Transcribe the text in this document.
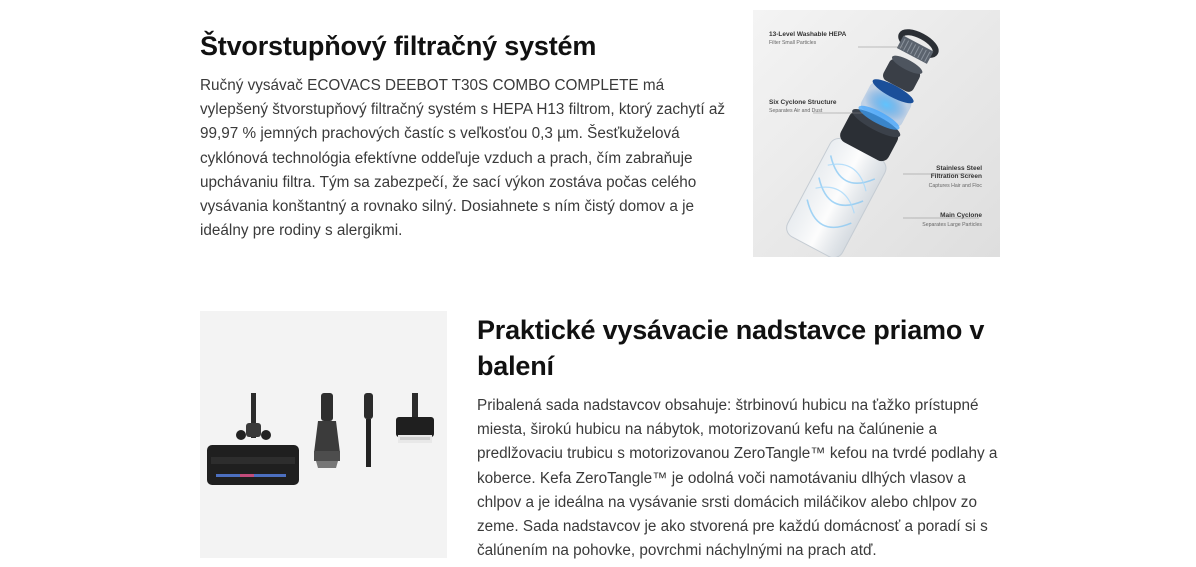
Štvorstupňový filtračný systém

Ručný vysávač ECOVACS DEEBOT T30S COMBO COMPLETE má vylepšený štvorstupňový filtračný systém s HEPA H13 filtrom, ktorý zachytí až 99,97 % jemných prachových častíc s veľkosťou 0,3 µm. Šesťkuželová cyklónová technológia efektívne oddeľuje vzduch a prach, čím zabraňuje upchávaniu filtra. Tým sa zabezpečí, že sací výkon zostáva počas celého vysávania konštantný a rovnako silný. Dosiahnete s ním čistý domov a je ideálny pre rodiny s alergikmi.

13-Level Washable HEPA
Filter Small Particles
Six Cyclone Structure
Separates Air and Dust
Stainless Steel
Filtration Screen
Captures Hair and Floc
Main Cyclone
Separates Large Particles
Praktické vysávacie nadstavce priamo v
balení

Pribalená sada nadstavcov obsahuje: štrbinovú hubicu na ťažko prístupné miesta, širokú hubicu na nábytok, motorizovanú kefu na čalúnenie a predlžovaciu trubicu s motorizovanou ZeroTangle™ kefou na tvrdé podlahy a koberce. Kefa ZeroTangle™ je odolná voči namotávaniu dlhých vlasov a chlpov a je ideálna na vysávanie srsti domácich miláčikov alebo chlpov zo zeme. Sada nadstavcov je ako stvorená pre každú domácnosť a poradí si s čalúnením na pohovke, povrchmi náchylnými na prach atď.
